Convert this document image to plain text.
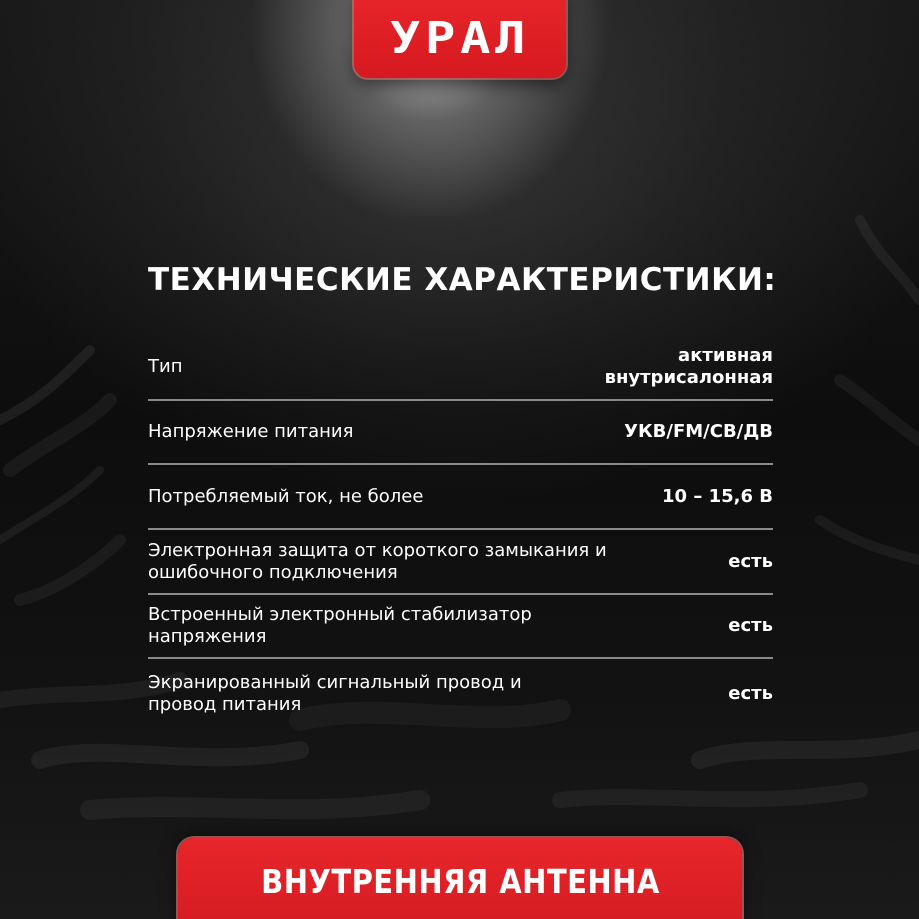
УРАЛ
ТЕХНИЧЕСКИЕ ХАРАКТЕРИСТИКИ:
Тип
активная внутрисалонная
Напряжение питания	УКВ/FM/СВ/ДВ
Потребляемый ток, не более	10 – 15,6 В
Электронная защита от короткого замыкания и ошибочного подключения
есть
Встроенный электронный стабилизатор напряжения
есть
Экранированный сигнальный провод и провод питания
есть
ВНУТРЕННЯЯ АНТЕННА
